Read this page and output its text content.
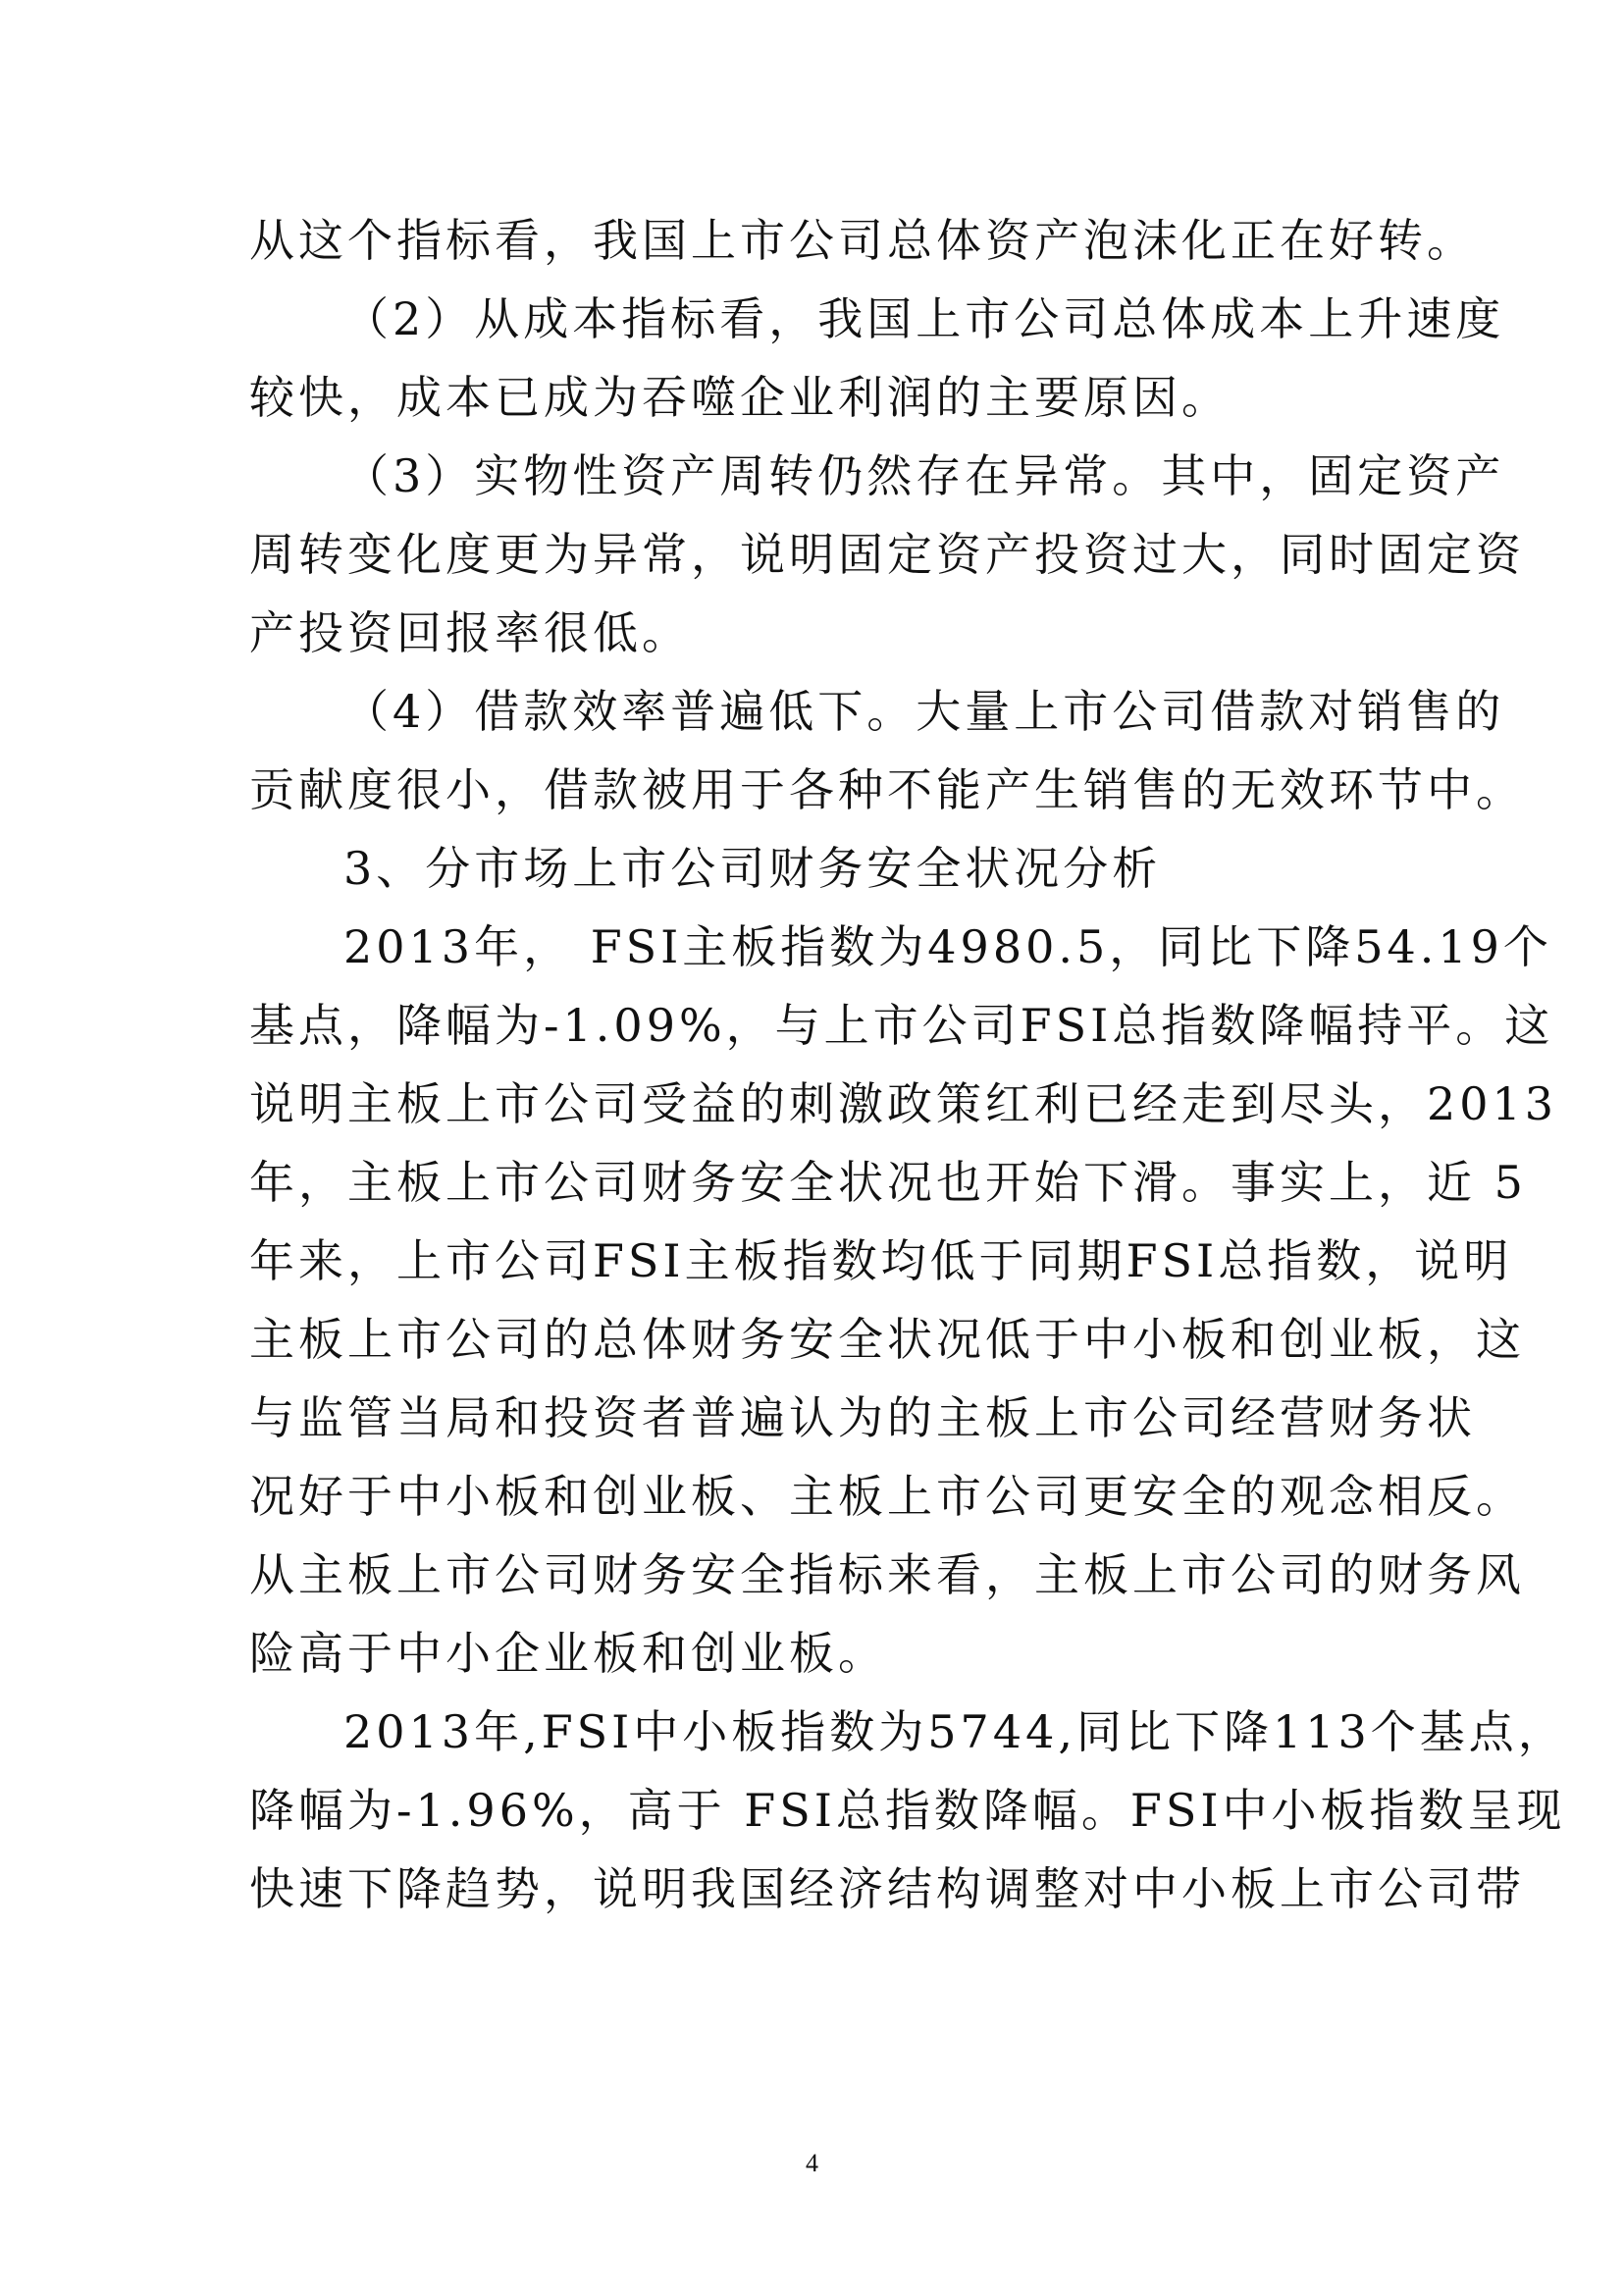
从这个指标看，我国上市公司总体资产泡沫化正在好转。
（2）从成本指标看，我国上市公司总体成本上升速度
较快，成本已成为吞噬企业利润的主要原因。
（3）实物性资产周转仍然存在异常。其中，固定资产
周转变化度更为异常，说明固定资产投资过大，同时固定资
产投资回报率很低。
（4）借款效率普遍低下。大量上市公司借款对销售的
贡献度很小，借款被用于各种不能产生销售的无效环节中。
3、分市场上市公司财务安全状况分析
2013年， FSI主板指数为4980.5，同比下降54.19个
基点，降幅为-1.09%，与上市公司FSI总指数降幅持平。这
说明主板上市公司受益的刺激政策红利已经走到尽头，2013
年，主板上市公司财务安全状况也开始下滑。事实上，近 5
年来，上市公司FSI主板指数均低于同期FSI总指数，说明
主板上市公司的总体财务安全状况低于中小板和创业板，这
与监管当局和投资者普遍认为的主板上市公司经营财务状
况好于中小板和创业板、主板上市公司更安全的观念相反。
从主板上市公司财务安全指标来看，主板上市公司的财务风
险高于中小企业板和创业板。
2013年,FSI中小板指数为5744,同比下降113个基点，
降幅为-1.96%，高于 FSI总指数降幅。FSI中小板指数呈现
快速下降趋势，说明我国经济结构调整对中小板上市公司带
4
